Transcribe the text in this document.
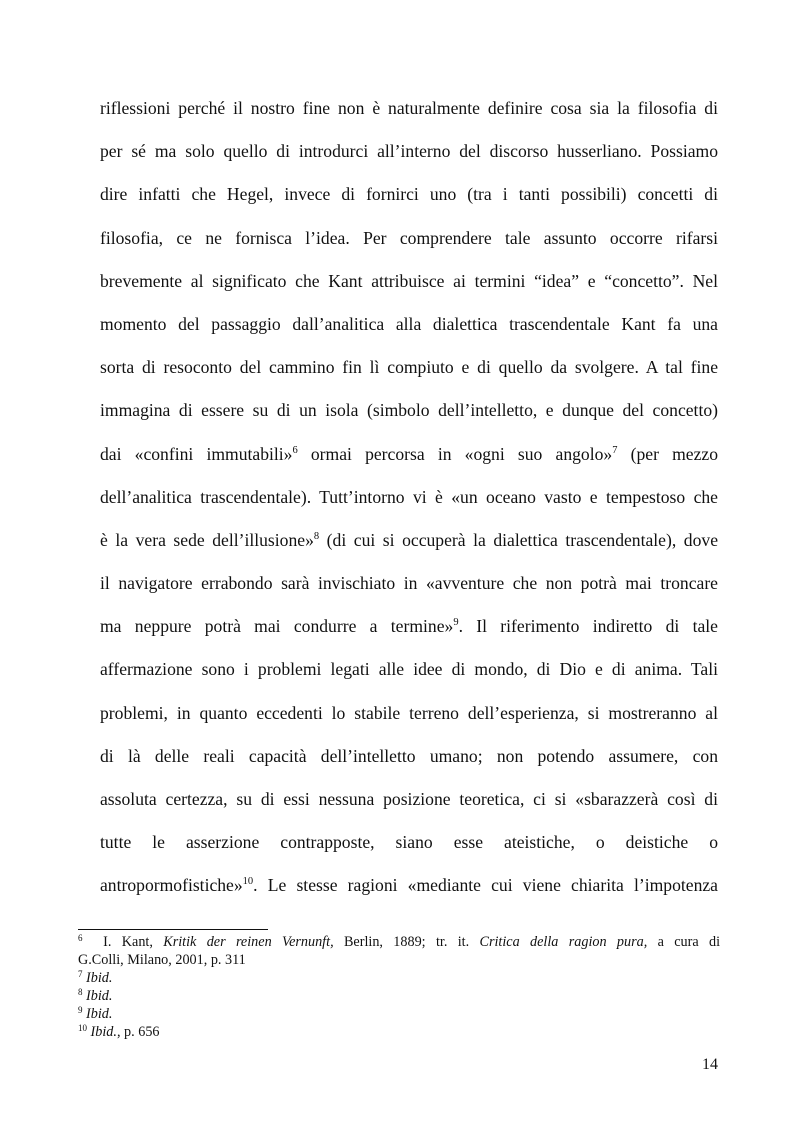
riflessioni perché il nostro fine non è naturalmente definire cosa sia la filosofia di
per sé ma solo quello di introdurci all’interno del discorso husserliano. Possiamo
dire infatti che Hegel, invece di fornirci uno (tra i tanti possibili) concetti di
filosofia, ce ne fornisca l’idea. Per comprendere tale assunto occorre rifarsi
brevemente al significato che Kant attribuisce ai termini “idea” e “concetto”. Nel
momento del passaggio dall’analitica alla dialettica trascendentale Kant fa una
sorta di resoconto del cammino fin lì compiuto e di quello da svolgere. A tal fine
immagina di essere su di un isola (simbolo dell’intelletto, e dunque del concetto)
dai «confini immutabili»$^6$ ormai percorsa in «ogni suo angolo»$^7$ (per mezzo
dell’analitica trascendentale). Tutt’intorno vi è «un oceano vasto e tempestoso che
è la vera sede dell’illusione»$^8$ (di cui si occuperà la dialettica trascendentale), dove
il navigatore errabondo sarà invischiato in «avventure che non potrà mai troncare
ma neppure potrà mai condurre a termine»$^9$. Il riferimento indiretto di tale
affermazione sono i problemi legati alle idee di mondo, di Dio e di anima. Tali
problemi, in quanto eccedenti lo stabile terreno dell’esperienza, si mostreranno al
di là delle reali capacità dell’intelletto umano; non potendo assumere, con
assoluta certezza, su di essi nessuna posizione teoretica, ci si «sbarazzerà così di
tutte le asserzione contrapposte, siano esse ateistiche, o deistiche o
antropormofistiche»$^{10}$. Le stesse ragioni «mediante cui viene chiarita l’impotenza
$^6$  I. Kant, Kritik der reinen Vernunft, Berlin, 1889; tr. it. Critica della ragion pura, a cura di
G.Colli, Milano, 2001, p. 311
$^7$ Ibid.
$^8$ Ibid.
$^9$ Ibid.
$^{10}$ Ibid., p. 656
14
